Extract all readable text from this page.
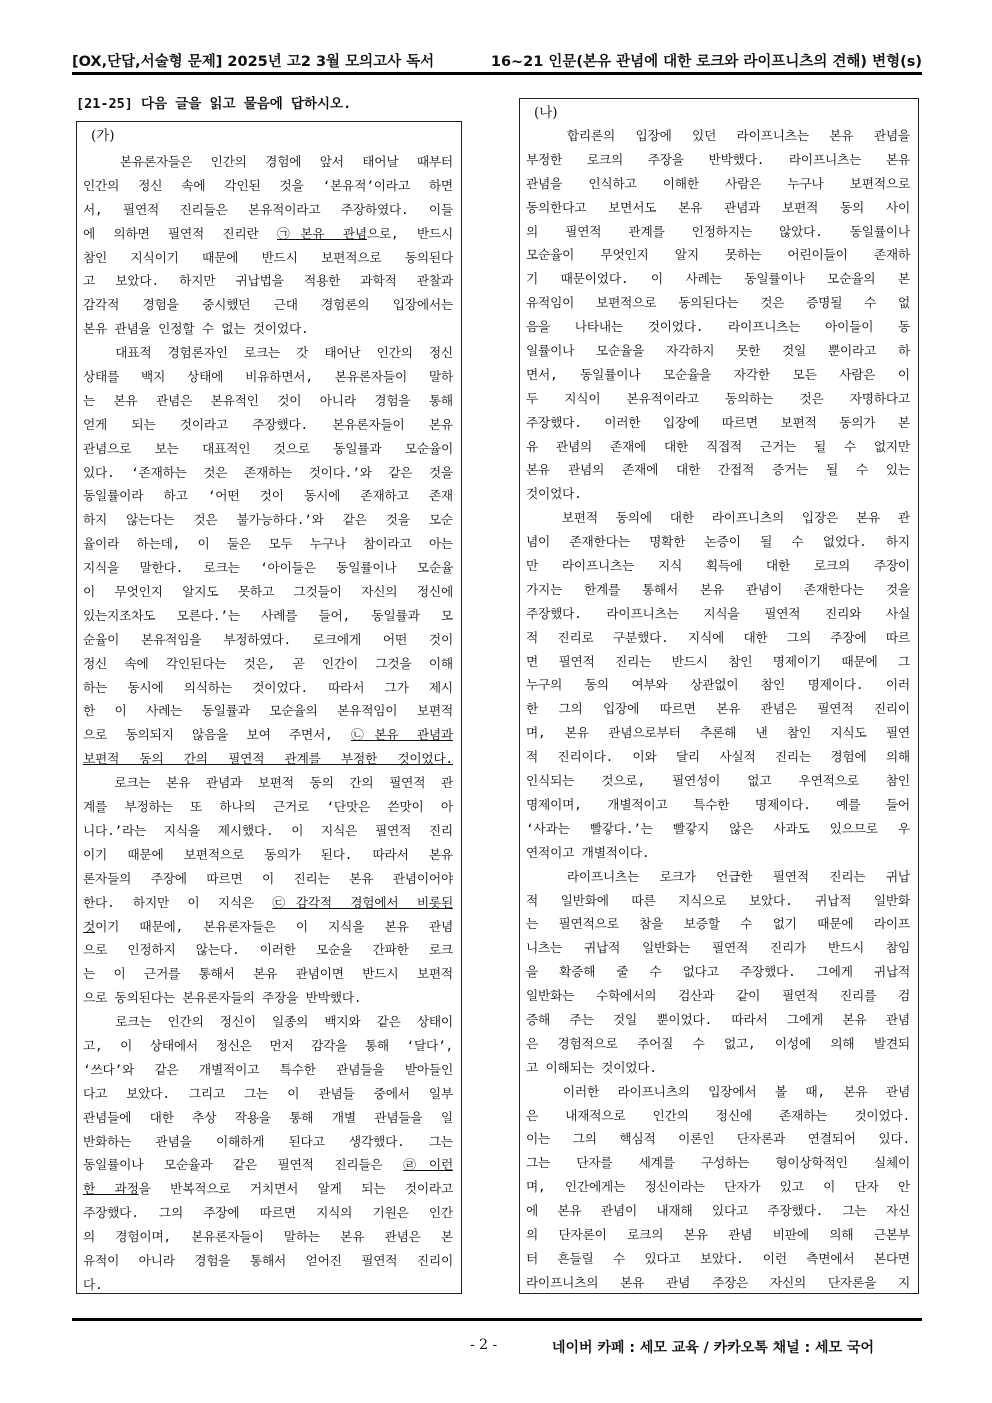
[OX,단답,서술형 문제] 2025년 고2 3월 모의고사 독서	16~21 인문(본유 관념에 대한 로크와 라이프니츠의 견해) 변형(s)
[21-25] 다음 글을 읽고 물음에 답하시오.
(가)
본유론자들은 인간의 경험에 앞서 태어날 때부터
인간의 정신 속에 각인된 것을 ‘본유적’이라고 하면
서, 필연적 진리들은 본유적이라고 주장하였다. 이들
에 의하면 필연적 진리란 ㉠본유 관념으로, 반드시
참인 지식이기 때문에 반드시 보편적으로 동의된다
고 보았다. 하지만 귀납법을 적용한 과학적 관찰과
감각적 경험을 중시했던 근대 경험론의 입장에서는
본유 관념을 인정할 수 없는 것이었다.
대표적 경험론자인 로크는 갓 태어난 인간의 정신
상태를 백지 상태에 비유하면서, 본유론자들이 말하
는 본유 관념은 본유적인 것이 아니라 경험을 통해
얻게 되는 것이라고 주장했다. 본유론자들이 본유
관념으로 보는 대표적인 것으로 동일률과 모순율이
있다. ‘존재하는 것은 존재하는 것이다.’와 같은 것을
동일률이라 하고 ‘어떤 것이 동시에 존재하고 존재
하지 않는다는 것은 불가능하다.’와 같은 것을 모순
율이라 하는데, 이 둘은 모두 누구나 참이라고 아는
지식을 말한다. 로크는 ‘아이들은 동일률이나 모순율
이 무엇인지 알지도 못하고 그것들이 자신의 정신에
있는지조차도 모른다.’는 사례를 들어, 동일률과 모
순율이 본유적임을 부정하였다. 로크에게 어떤 것이
정신 속에 각인된다는 것은, 곧 인간이 그것을 이해
하는 동시에 의식하는 것이었다. 따라서 그가 제시
한 이 사례는 동일률과 모순율의 본유적임이 보편적
으로 동의되지 않음을 보여 주면서, ㉡본유 관념과
보편적 동의 간의 필연적 관계를 부정한 것이었다.
로크는 본유 관념과 보편적 동의 간의 필연적 관
계를 부정하는 또 하나의 근거로 ‘단맛은 쓴맛이 아
니다.’라는 지식을 제시했다. 이 지식은 필연적 진리
이기 때문에 보편적으로 동의가 된다. 따라서 본유
론자들의 주장에 따르면 이 진리는 본유 관념이어야
한다. 하지만 이 지식은 ㉢감각적 경험에서 비롯된
것이기 때문에, 본유론자들은 이 지식을 본유 관념
으로 인정하지 않는다. 이러한 모순을 간파한 로크
는 이 근거를 통해서 본유 관념이면 반드시 보편적
으로 동의된다는 본유론자들의 주장을 반박했다.
로크는 인간의 정신이 일종의 백지와 같은 상태이
고, 이 상태에서 정신은 먼저 감각을 통해 ‘달다’,
‘쓰다’와 같은 개별적이고 특수한 관념들을 받아들인
다고 보았다. 그리고 그는 이 관념들 중에서 일부
관념들에 대한 추상 작용을 통해 개별 관념들을 일
반화하는 관념을 이해하게 된다고 생각했다. 그는
동일률이나 모순율과 같은 필연적 진리들은 ㉣이런
한 과정을 반복적으로 거치면서 알게 되는 것이라고
주장했다. 그의 주장에 따르면 지식의 기원은 인간
의 경험이며, 본유론자들이 말하는 본유 관념은 본
유적이 아니라 경험을 통해서 얻어진 필연적 진리이
다.
(나)
합리론의 입장에 있던 라이프니츠는 본유 관념을
부정한 로크의 주장을 반박했다. 라이프니츠는 본유
관념을 인식하고 이해한 사람은 누구나 보편적으로
동의한다고 보면서도 본유 관념과 보편적 동의 사이
의 필연적 관계를 인정하지는 않았다. 동일률이나
모순율이 무엇인지 알지 못하는 어린이들이 존재하
기 때문이었다. 이 사례는 동일률이나 모순율의 본
유적임이 보편적으로 동의된다는 것은 증명될 수 없
음을 나타내는 것이었다. 라이프니츠는 아이들이 동
일률이나 모순율을 자각하지 못한 것일 뿐이라고 하
면서, 동일률이나 모순율을 자각한 모든 사람은 이
두 지식이 본유적이라고 동의하는 것은 자명하다고
주장했다. 이러한 입장에 따르면 보편적 동의가 본
유 관념의 존재에 대한 직접적 근거는 될 수 없지만
본유 관념의 존재에 대한 간접적 증거는 될 수 있는
것이었다.
보편적 동의에 대한 라이프니츠의 입장은 본유 관
념이 존재한다는 명확한 논증이 될 수 없었다. 하지
만 라이프니츠는 지식 획득에 대한 로크의 주장이
가지는 한계를 통해서 본유 관념이 존재한다는 것을
주장했다. 라이프니츠는 지식을 필연적 진리와 사실
적 진리로 구분했다. 지식에 대한 그의 주장에 따르
면 필연적 진리는 반드시 참인 명제이기 때문에 그
누구의 동의 여부와 상관없이 참인 명제이다. 이러
한 그의 입장에 따르면 본유 관념은 필연적 진리이
며, 본유 관념으로부터 추론해 낸 참인 지식도 필연
적 진리이다. 이와 달리 사실적 진리는 경험에 의해
인식되는 것으로, 필연성이 없고 우연적으로 참인
명제이며, 개별적이고 특수한 명제이다. 예를 들어
‘사과는 빨갛다.’는 빨갛지 않은 사과도 있으므로 우
연적이고 개별적이다.
라이프니츠는 로크가 언급한 필연적 진리는 귀납
적 일반화에 따른 지식으로 보았다. 귀납적 일반화
는 필연적으로 참을 보증할 수 없기 때문에 라이프
니츠는 귀납적 일반화는 필연적 진리가 반드시 참임
을 확증해 줄 수 없다고 주장했다. 그에게 귀납적
일반화는 수학에서의 검산과 같이 필연적 진리를 검
증해 주는 것일 뿐이었다. 따라서 그에게 본유 관념
은 경험적으로 주어질 수 없고, 이성에 의해 발견되
고 이해되는 것이었다.
이러한 라이프니츠의 입장에서 볼 때, 본유 관념
은 내재적으로 인간의 정신에 존재하는 것이었다.
이는 그의 핵심적 이론인 단자론과 연결되어 있다.
그는 단자를 세계를 구성하는 형이상학적인 실체이
며, 인간에게는 정신이라는 단자가 있고 이 단자 안
에 본유 관념이 내재해 있다고 주장했다. 그는 자신
의 단자론이 로크의 본유 관념 비판에 의해 근본부
터 흔들릴 수 있다고 보았다. 이런 측면에서 본다면
라이프니츠의 본유 관념 주장은 자신의 단자론을 지
- 2 -	네이버 카페 : 세모 교육 / 카카오톡 채널 : 세모 국어
